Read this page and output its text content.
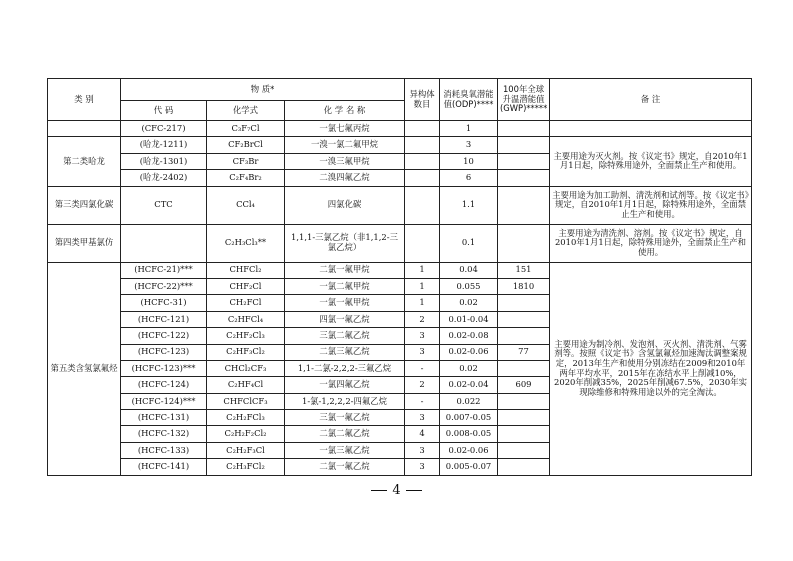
类 别	物 质*			异构体数目	消耗臭氧潜能值(ODP)****	100年全球升温潜能值(GWP)*****	备 注
	代 码	化学式	化 学 名 称				
	(CFC-217)	C₃F₇Cl	一氯七氟丙烷		1		
第二类哈龙	(哈龙-1211)	CF₂BrCl	一溴一氯二氟甲烷		3		主要用途为灭火剂。按《议定书》规定，自2010年1月1日起，除特殊用途外，全面禁止生产和使用。
	(哈龙-1301)	CF₃Br	一溴三氟甲烷		10		
	(哈龙-2402)	C₂F₄Br₂	二溴四氟乙烷		6		
第三类四氯化碳	CTC	CCl₄	四氯化碳		1.1		主要用途为加工助剂、清洗剂和试剂等。按《议定书》规定，自2010年1月1日起，除特殊用途外，全面禁止生产和使用。
第四类甲基氯仿		C₂H₃Cl₃**	1,1,1-三氯乙烷（非1,1,2-三氯乙烷）		0.1		主要用途为清洗剂、溶剂。按《议定书》规定，自2010年1月1日起，除特殊用途外，全面禁止生产和使用。
第五类含氢氯氟烃	(HCFC-21)***	CHFCl₂	二氯一氟甲烷	1	0.04	151	主要用途为制冷剂、发泡剂、灭火剂、清洗剂、气雾剂等。按照《议定书》含氢氯氟烃加速淘汰调整案规定，2013年生产和使用分别冻结在2009和2010年两年平均水平，2015年在冻结水平上削减10%，2020年削减35%，2025年削减67.5%，2030年实现除维修和特殊用途以外的完全淘汰。
	(HCFC-22)***	CHF₂Cl	一氯二氟甲烷	1	0.055	1810	
	(HCFC-31)	CH₂FCl	一氯一氟甲烷	1	0.02		
	(HCFC-121)	C₂HFCl₄	四氯一氟乙烷	2	0.01-0.04		
	(HCFC-122)	C₂HF₂Cl₃	三氯二氟乙烷	3	0.02-0.08		
	(HCFC-123)	C₂HF₃Cl₂	二氯三氟乙烷	3	0.02-0.06	77	
	(HCFC-123)***	CHCl₂CF₃	1,1-二氯-2,2,2-三氟乙烷	-	0.02		
	(HCFC-124)	C₂HF₄Cl	一氯四氟乙烷	2	0.02-0.04	609	
	(HCFC-124)***	CHFClCF₃	1-氯-1,2,2,2-四氟乙烷	-	0.022		
	(HCFC-131)	C₂H₂FCl₃	三氯一氟乙烷	3	0.007-0.05		
	(HCFC-132)	C₂H₂F₂Cl₂	二氯二氟乙烷	4	0.008-0.05		
	(HCFC-133)	C₂H₂F₃Cl	一氯三氟乙烷	3	0.02-0.06		
	(HCFC-141)	C₂H₃FCl₂	二氯一氟乙烷	3	0.005-0.07		
4
